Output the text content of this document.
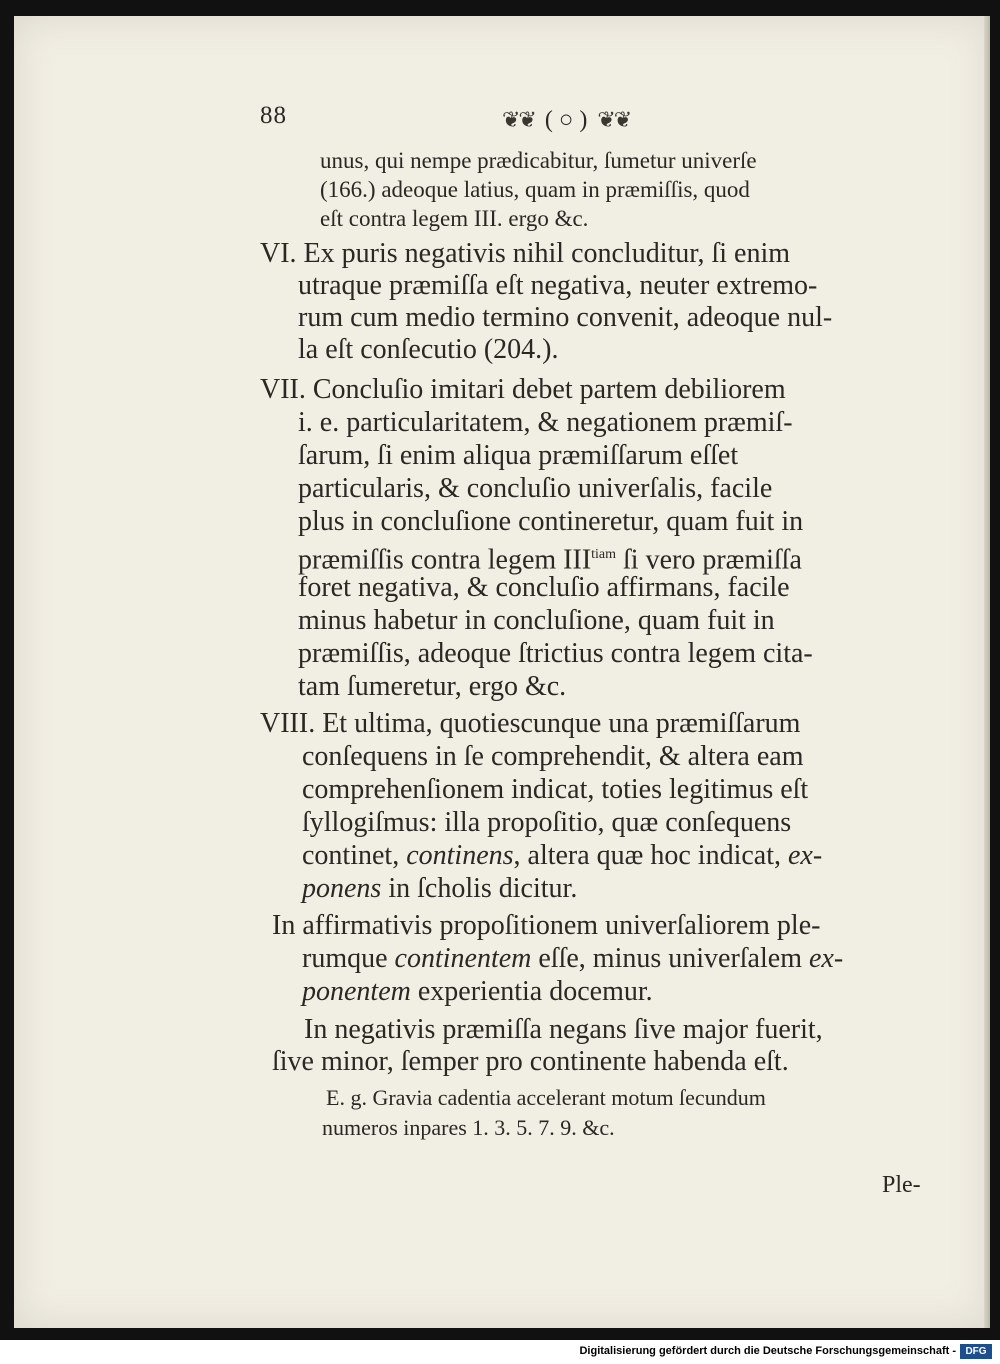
88	❦❦ ( ○ ) ❦❦
unus, qui nempe prædicabitur, ſumetur univerſe
(166.) adeoque latius, quam in præmiſſis, quod
eſt contra legem III. ergo &c.
VI. Ex puris negativis nihil concluditur, ſi enim
utraque præmiſſa eſt negativa, neuter extremo-
rum cum medio termino convenit, adeoque nul-
la eſt conſecutio (204.).
VII. Concluſio imitari debet partem debiliorem
i. e. particularitatem, & negationem præmiſ-
ſarum, ſi enim aliqua præmiſſarum eſſet
particularis, & concluſio univerſalis, facile
plus in concluſione contineretur, quam fuit in
præmiſſis contra legem $III^{tiam}$ ſi vero præmiſſa
foret negativa, & concluſio affirmans, facile
minus habetur in concluſione, quam fuit in
præmiſſis, adeoque ſtrictius contra legem cita-
tam ſumeretur, ergo &c.
VIII. Et ultima, quotiescunque una præmiſſarum
conſequens in ſe comprehendit, & altera eam
comprehenſionem indicat, toties legitimus eſt
ſyllogiſmus: illa propoſitio, quæ conſequens
continet, continens, altera quæ hoc indicat, ex-
ponens in ſcholis dicitur.
In affirmativis propoſitionem univerſaliorem ple-
rumque continentem eſſe, minus univerſalem ex-
ponentem experientia docemur.
In negativis præmiſſa negans ſive major fuerit,
ſive minor, ſemper pro continente habenda eſt.
E. g. Gravia cadentia accelerant motum ſecundum
numeros inpares 1. 3. 5. 7. 9. &c.
Ple-
Digitalisierung gefördert durch die Deutsche Forschungsgemeinschaft - DFG
